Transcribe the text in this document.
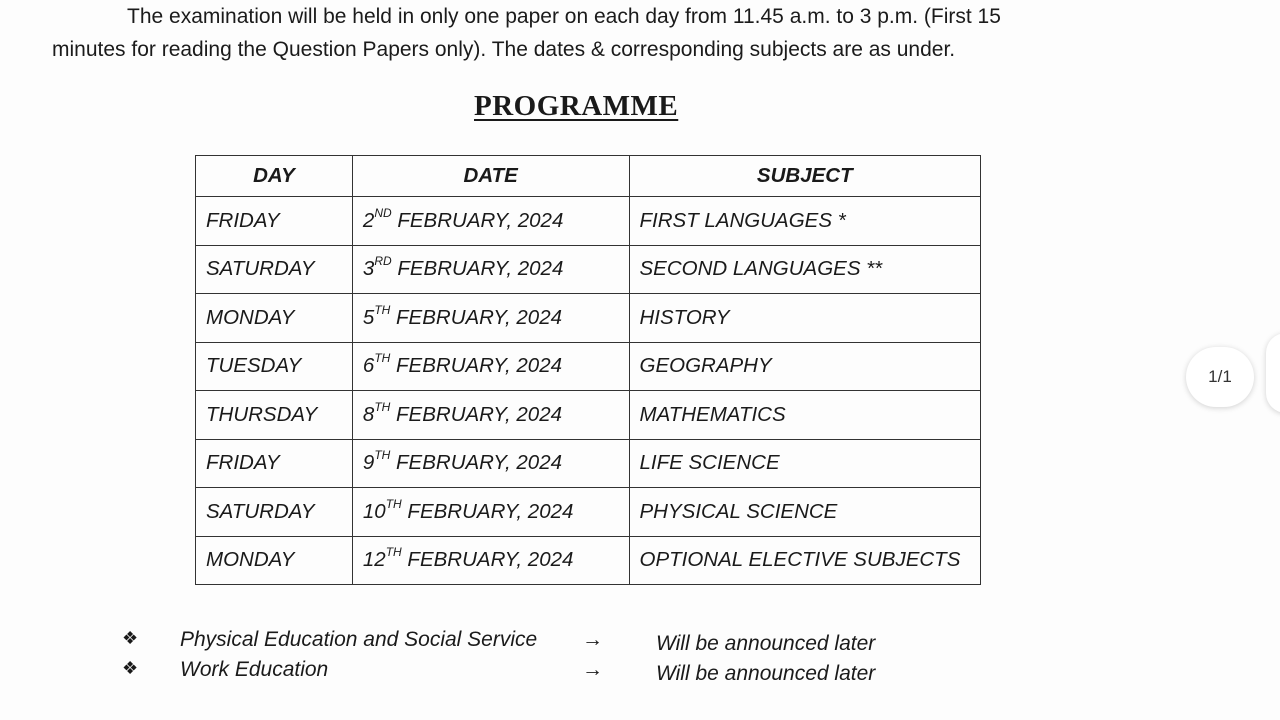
The examination will be held in only one paper on each day from 11.45 a.m. to 3 p.m. (First 15
minutes for reading the Question Papers only). The dates & corresponding subjects are as under.
PROGRAMME
DAY	DATE	SUBJECT
FRIDAY	2ND FEBRUARY, 2024	FIRST LANGUAGES *
SATURDAY	3RD FEBRUARY, 2024	SECOND LANGUAGES **
MONDAY	5TH FEBRUARY, 2024	HISTORY
TUESDAY	6TH FEBRUARY, 2024	GEOGRAPHY
THURSDAY	8TH FEBRUARY, 2024	MATHEMATICS
FRIDAY	9TH FEBRUARY, 2024	LIFE SCIENCE
SATURDAY	10TH FEBRUARY, 2024	PHYSICAL SCIENCE
MONDAY	12TH FEBRUARY, 2024	OPTIONAL ELECTIVE SUBJECTS
❖	Physical Education and Social Service →	Will be announced later
❖	Work Education	→	Will be announced later
1/1
